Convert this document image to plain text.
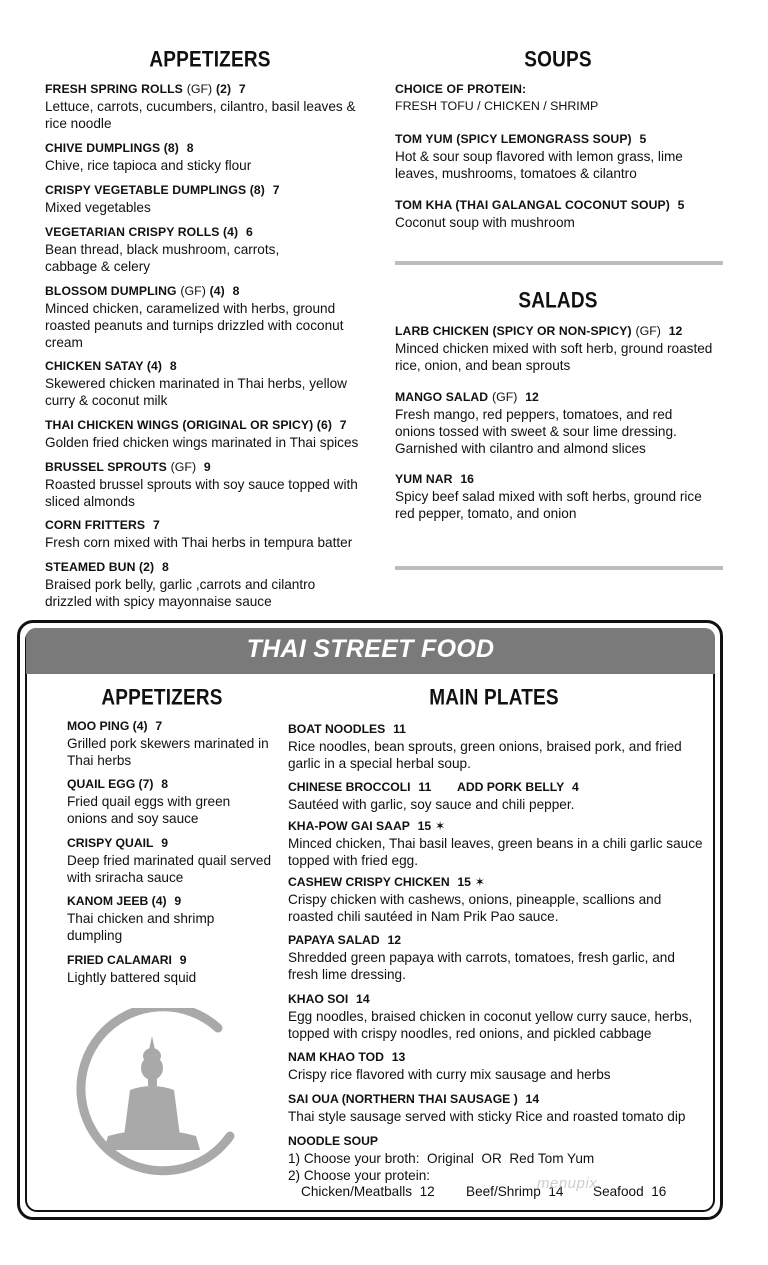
APPETIZERS
FRESH SPRING ROLLS (GF) (2) 7
Lettuce, carrots, cucumbers, cilantro, basil leaves & rice noodle
CHIVE DUMPLINGS (8) 8
Chive, rice tapioca and sticky flour
CRISPY VEGETABLE DUMPLINGS (8) 7
Mixed vegetables
VEGETARIAN CRISPY ROLLS (4) 6
Bean thread, black mushroom, carrots, cabbage & celery
BLOSSOM DUMPLING (GF) (4) 8
Minced chicken, caramelized with herbs, ground roasted peanuts and turnips drizzled with coconut cream
CHICKEN SATAY (4) 8
Skewered chicken marinated in Thai herbs, yellow curry & coconut milk
THAI CHICKEN WINGS (ORIGINAL OR SPICY) (6) 7
Golden fried chicken wings marinated in Thai spices
BRUSSEL SPROUTS (GF) 9
Roasted brussel sprouts with soy sauce topped with sliced almonds
CORN FRITTERS 7
Fresh corn mixed with Thai herbs in tempura batter
STEAMED BUN (2) 8
Braised pork belly, garlic ,carrots and cilantro drizzled with spicy mayonnaise sauce
SOUPS
CHOICE OF PROTEIN:
FRESH TOFU / CHICKEN / SHRIMP
TOM YUM (SPICY LEMONGRASS SOUP) 5
Hot & sour soup flavored with lemon grass, lime leaves, mushrooms, tomatoes & cilantro
TOM KHA (THAI GALANGAL COCONUT SOUP) 5
Coconut soup with mushroom
SALADS
LARB CHICKEN (SPICY OR NON-SPICY) (GF) 12
Minced chicken mixed with soft herb, ground roasted rice, onion, and bean sprouts
MANGO SALAD (GF) 12
Fresh mango, red peppers, tomatoes, and red onions tossed with sweet & sour lime dressing. Garnished with cilantro and almond slices
YUM NAR 16
Spicy beef salad mixed with soft herbs, ground rice red pepper, tomato, and onion
THAI STREET FOOD
APPETIZERS
MOO PING (4) 7
Grilled pork skewers marinated in Thai herbs
QUAIL EGG (7) 8
Fried quail eggs with green onions and soy sauce
CRISPY QUAIL 9
Deep fried marinated quail served with sriracha sauce
KANOM JEEB (4) 9
Thai chicken and shrimp dumpling
FRIED CALAMARI 9
Lightly battered squid
MAIN PLATES
BOAT NOODLES 11
Rice noodles, bean sprouts, green onions, braised pork, and fried garlic in a special herbal soup.
CHINESE BROCCOLI 11 ADD PORK BELLY 4
Sautéed with garlic, soy sauce and chili pepper.
KHA-POW GAI SAAP 15 ✶
Minced chicken, Thai basil leaves, green beans in a chili garlic sauce topped with fried egg.
CASHEW CRISPY CHICKEN 15 ✶
Crispy chicken with cashews, onions, pineapple, scallions and roasted chili sautéed in Nam Prik Pao sauce.
PAPAYA SALAD 12
Shredded green papaya with carrots, tomatoes, fresh garlic, and fresh lime dressing.
KHAO SOI 14
Egg noodles, braised chicken in coconut yellow curry sauce, herbs, topped with crispy noodles, red onions, and pickled cabbage
NAM KHAO TOD 13
Crispy rice flavored with curry mix sausage and herbs
SAI OUA (NORTHERN THAI SAUSAGE ) 14
Thai style sausage served with sticky Rice and roasted tomato dip
NOODLE SOUP
1) Choose your broth:  Original  OR  Red Tom Yum
2) Choose your protein:
Chicken/Meatballs  12 Beef/Shrimp  14 Seafood  16
menupix
